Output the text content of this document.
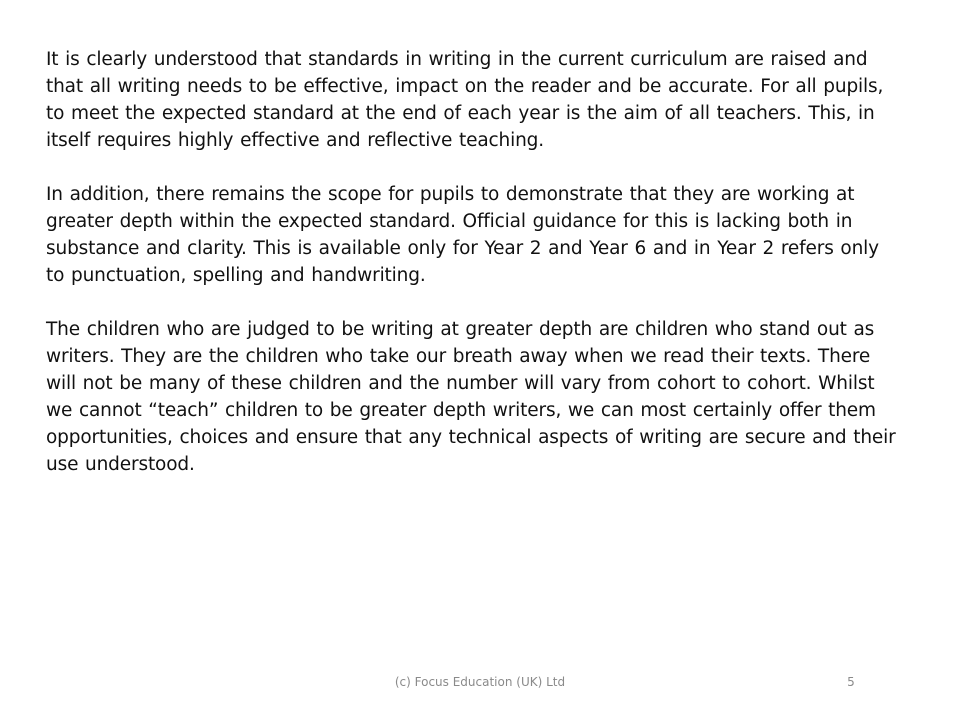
It is clearly understood that standards in writing in the current curriculum are raised and that all writing needs to be effective, impact on the reader and be accurate. For all pupils, to meet the expected standard at the end of each year is the aim of all teachers. This, in itself requires highly effective and reflective teaching.

In addition, there remains the scope for pupils to demonstrate that they are working at greater depth within the expected standard. Official guidance for this is lacking both in substance and clarity. This is available only for Year 2 and Year 6 and in Year 2 refers only to punctuation, spelling and handwriting.

The children who are judged to be writing at greater depth are children who stand out as writers. They are the children who take our breath away when we read their texts. There will not be many of these children and the number will vary from cohort to cohort. Whilst we cannot “teach” children to be greater depth writers, we can most certainly offer them opportunities, choices and ensure that any technical aspects of writing are secure and their use understood.

(c) Focus Education (UK) Ltd	5
